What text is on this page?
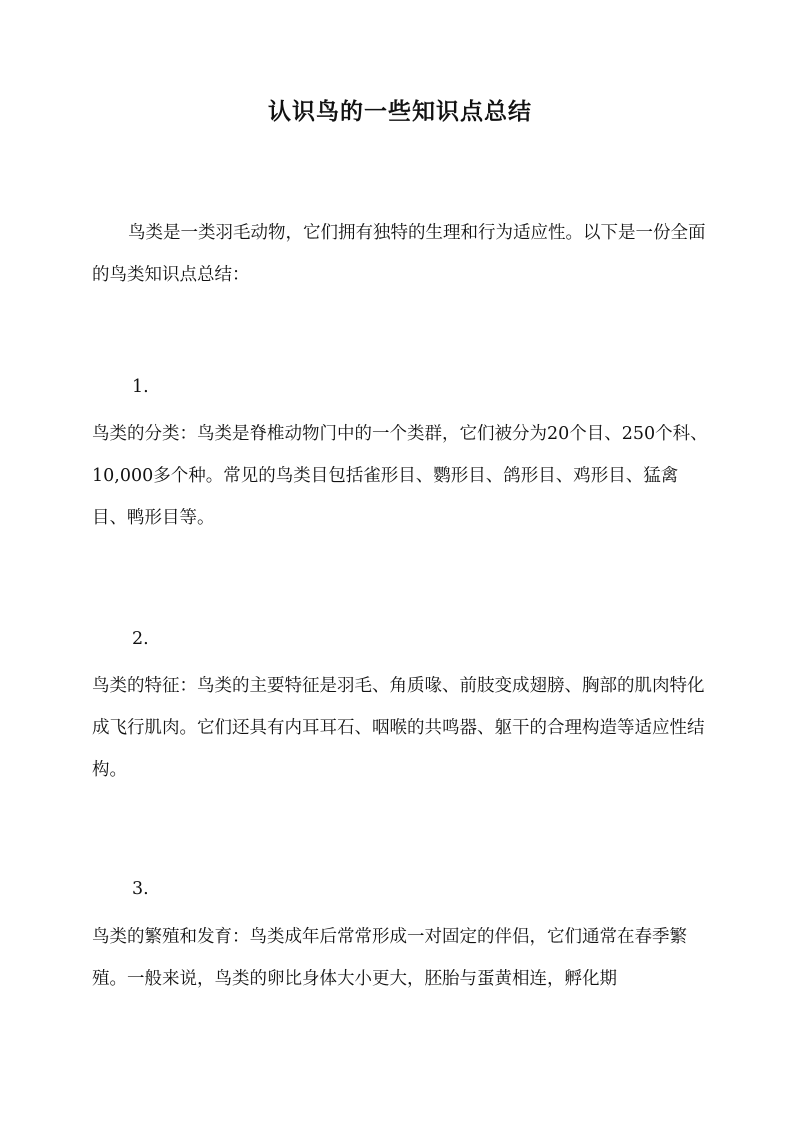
认识鸟的一些知识点总结

鸟类是一类羽毛动物，它们拥有独特的生理和行为适应性。以下是一份全面的鸟类知识点总结：

1.

鸟类的分类：鸟类是脊椎动物门中的一个类群，它们被分为20个目、250个科、10,000多个种。常见的鸟类目包括雀形目、鹦形目、鸽形目、鸡形目、猛禽目、鸭形目等。

2.

鸟类的特征：鸟类的主要特征是羽毛、角质喙、前肢变成翅膀、胸部的肌肉特化成飞行肌肉。它们还具有内耳耳石、咽喉的共鸣器、躯干的合理构造等适应性结构。

3.

鸟类的繁殖和发育：鸟类成年后常常形成一对固定的伴侣，它们通常在春季繁殖。一般来说，鸟类的卵比身体大小更大，胚胎与蛋黄相连，孵化期
